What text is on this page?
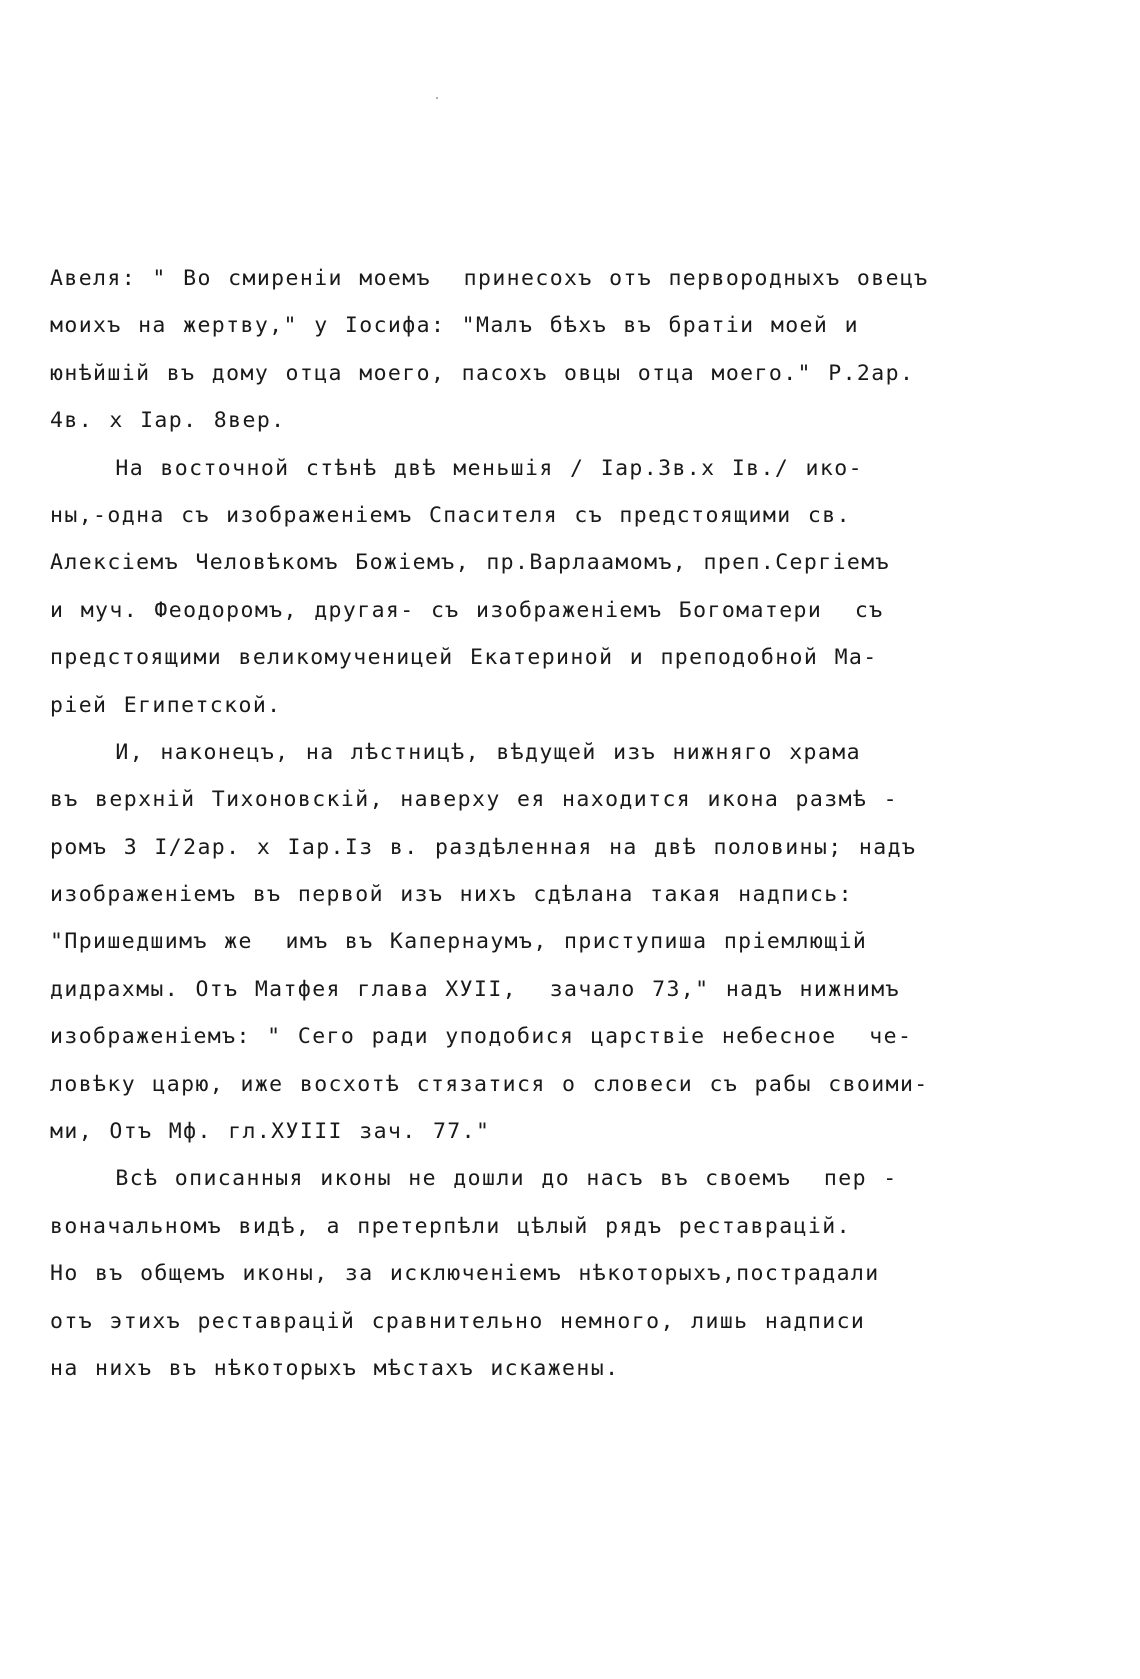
Авеля: " Во смиреніи моемъ  принесохъ отъ первородныхъ овецъ
моихъ на жертву," у Іосифа: "Малъ бѣхъ въ братіи моей и
юнѣйшій въ дому отца моего, пасохъ овцы отца моего." Р.2ар.
4в. х Іар. 8вер.
На восточной стѣнѣ двѣ меньшія / Іар.3в.х Ів./ ико-
ны,-одна съ изображеніемъ Спасителя съ предстоящими св.
Алексіемъ Человѣкомъ Божіемъ, пр.Варлаамомъ, преп.Сергіемъ
и муч. Феодоромъ, другая- съ изображеніемъ Богоматери  съ
предстоящими великомученицей Екатериной и преподобной Ма-
ріей Египетской.
И, наконецъ, на лѣстницѣ, вѣдущей изъ нижняго храма
въ верхній Тихоновскій, наверху ея находится икона размѣ -
ромъ 3 І/2ар. х Іар.Із в. раздѣленная на двѣ половины; надъ
изображеніемъ въ первой изъ нихъ сдѣлана такая надпись:
"Пришедшимъ же  имъ въ Капернаумъ, приступиша пріемлющій
дидрахмы. Отъ Матфея глава ХУІІ,  зачало 73," надъ нижнимъ
изображеніемъ: " Сего ради уподобися царствіе небесное  че-
ловѣку царю, иже восхотѣ стязатися о словеси съ рабы своими-
ми, Отъ Мф. гл.ХУІІІ зач. 77."
Всѣ описанныя иконы не дошли до насъ въ своемъ  пер -
воначальномъ видѣ, а претерпѣли цѣлый рядъ реставрацій.
Но въ общемъ иконы, за исключеніемъ нѣкоторыхъ,пострадали
отъ этихъ реставрацій сравнительно немного, лишь надписи
на нихъ въ нѣкоторыхъ мѣстахъ искажены.
